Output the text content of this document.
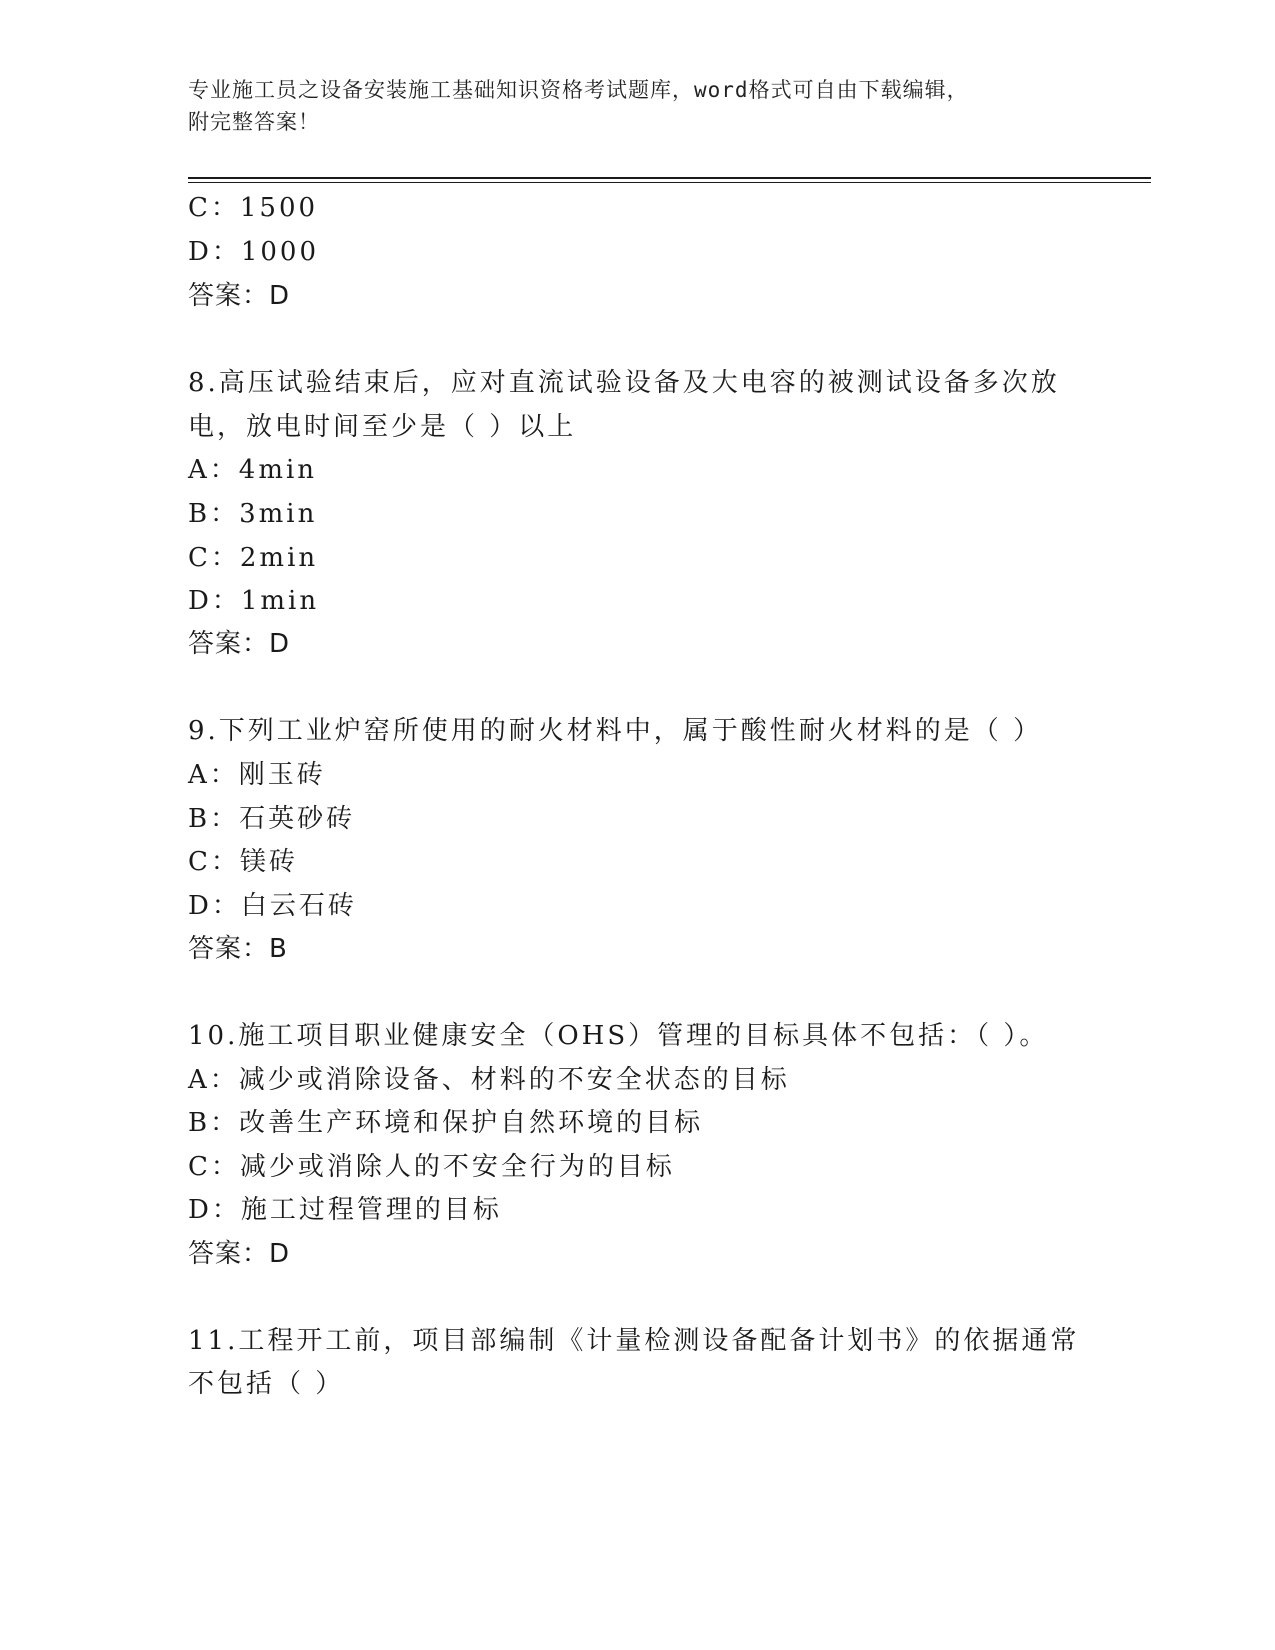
专业施工员之设备安装施工基础知识资格考试题库，word格式可自由下载编辑，
附完整答案！
C：1500
D：1000
答案：D
8.高压试验结束后，应对直流试验设备及大电容的被测试设备多次放
电，放电时间至少是（ ）以上
A：4min
B：3min
C：2min
D：1min
答案：D
9.下列工业炉窑所使用的耐火材料中，属于酸性耐火材料的是（ ）
A：刚玉砖
B：石英砂砖
C：镁砖
D：白云石砖
答案：B
10.施工项目职业健康安全（OHS）管理的目标具体不包括：（ ）。
A：减少或消除设备、材料的不安全状态的目标
B：改善生产环境和保护自然环境的目标
C：减少或消除人的不安全行为的目标
D：施工过程管理的目标
答案：D
11.工程开工前，项目部编制《计量检测设备配备计划书》的依据通常
不包括（ ）
